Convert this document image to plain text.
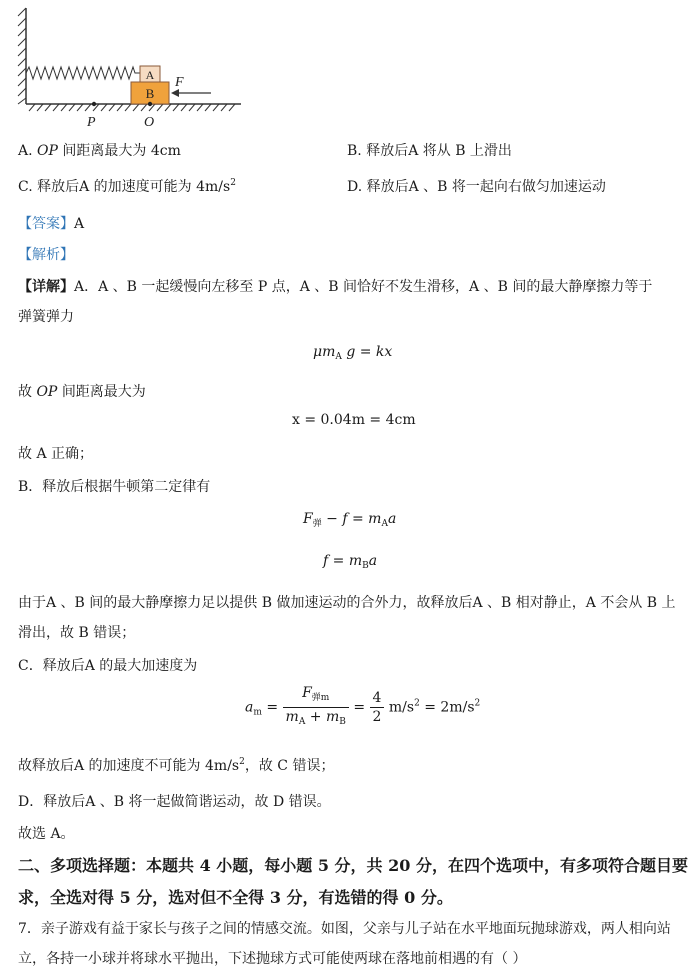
A
B
F
P	O
A. OP 间距离最大为 4cm	B. 释放后A 将从 B 上滑出
C. 释放后A 的加速度可能为 $4m/s^2$	D. 释放后A 、B 将一起向右做匀加速运动
【答案】A
【解析】
【详解】A．A 、B 一起缓慢向左移至 P 点，A 、B 间恰好不发生滑移，A 、B 间的最大静摩擦力等于
弹簧弹力
$\mu m_A$ g = kx
故 OP 间距离最大为
x = 0.04m = 4cm
故 A 正确；
B．释放后根据牛顿第二定律有
$F_弹 - f = m_Aa$
$f = m_Ba$
由于A 、B 间的最大静摩擦力足以提供 B 做加速运动的合外力，故释放后A 、B 相对静止，A 不会从 B 上
滑出，故 B 错误；
C．释放后A 的最大加速度为
$a_m = \frac{F_{弹m}}{m_A + m_B} = \frac{4}{2} m/s^2 = 2m/s^2$
故释放后A 的加速度不可能为 $4m/s^2$，故 C 错误；
D．释放后A 、B 将一起做简谐运动，故 D 错误。
故选 A。
二、多项选择题：本题共 4 小题，每小题 5 分，共 20 分，在四个选项中，有多项符合题目要
求，全选对得 5 分，选对但不全得 3 分，有选错的得 0 分。
7．亲子游戏有益于家长与孩子之间的情感交流。如图，父亲与儿子站在水平地面玩抛球游戏，两人相向站
立，各持一小球并将球水平抛出，下述抛球方式可能使两球在落地前相遇的有（ ）
